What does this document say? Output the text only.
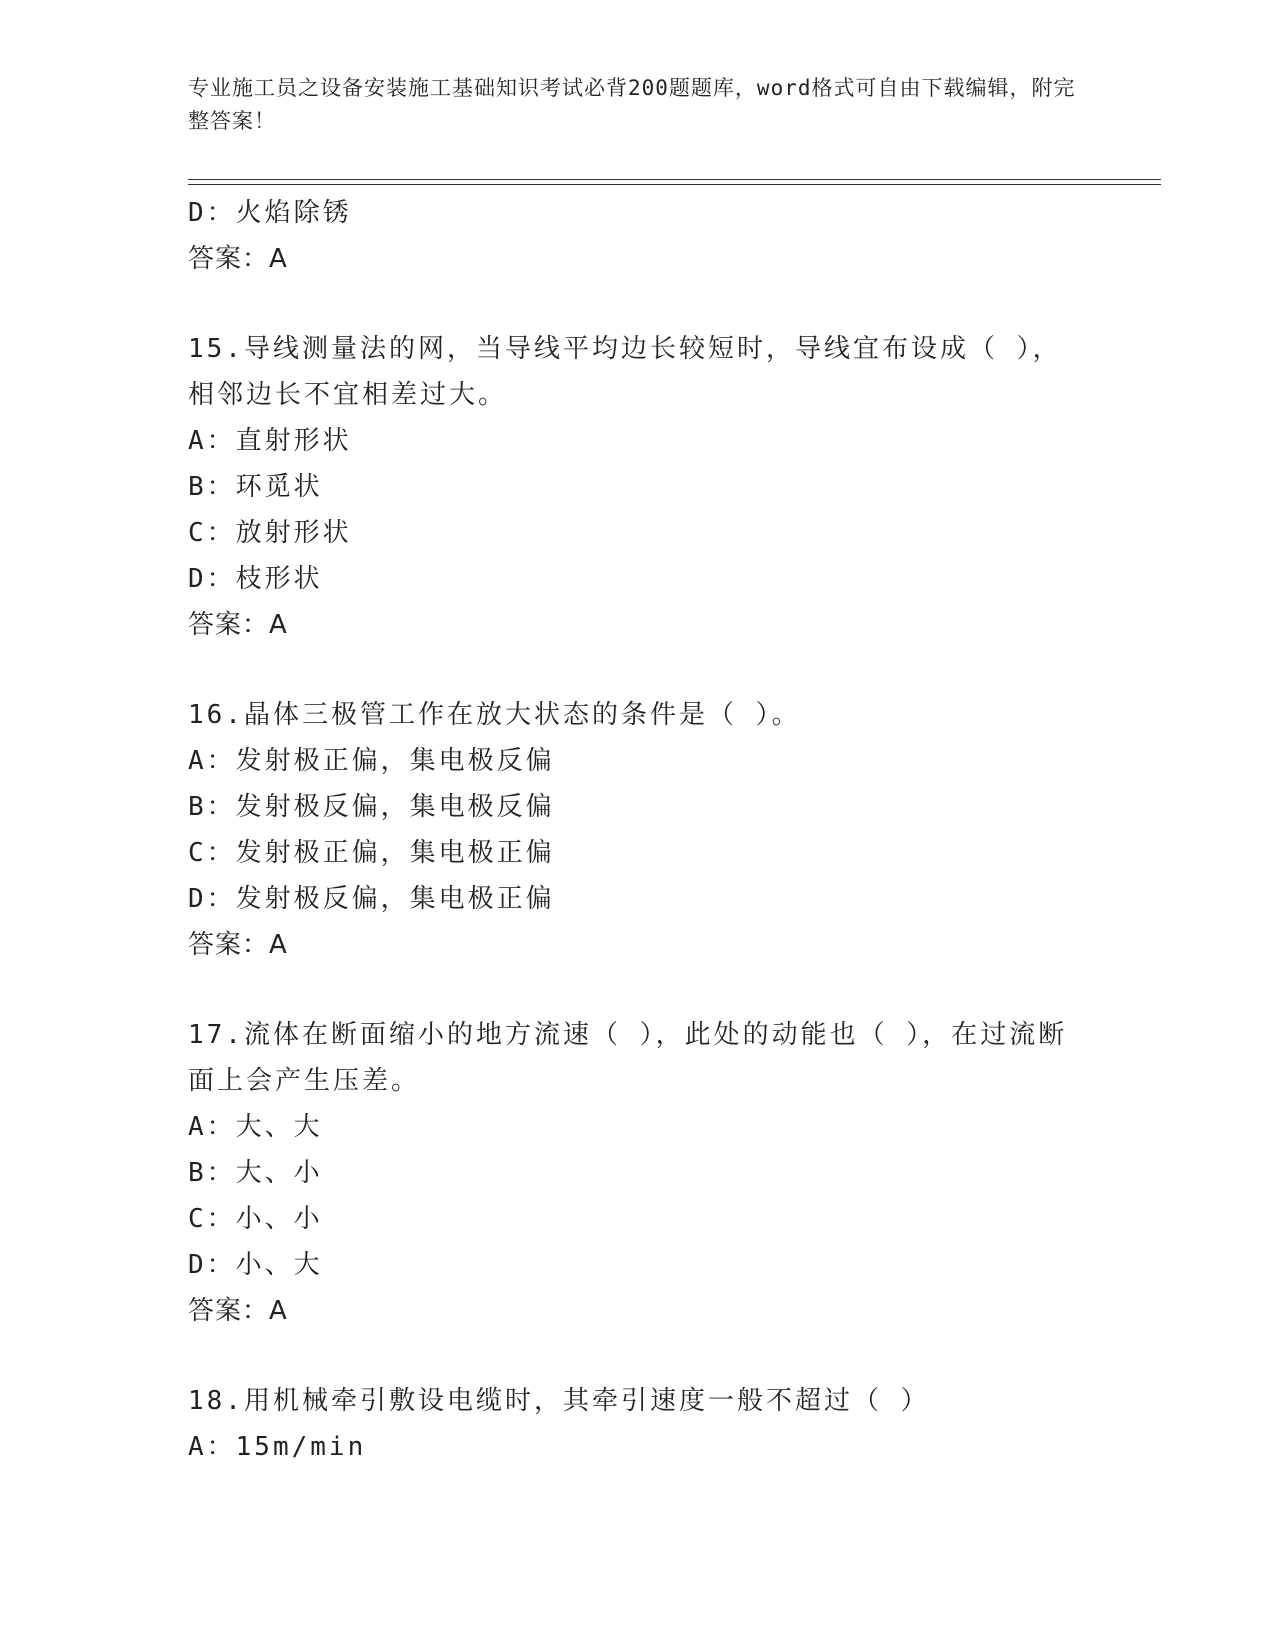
专业施工员之设备安装施工基础知识考试必背200题题库，word格式可自由下载编辑，附完整答案！
D：火焰除锈
答案：A
15.导线测量法的网，当导线平均边长较短时，导线宜布设成（ ），相邻边长不宜相差过大。
A：直射形状
B：环觅状
C：放射形状
D：枝形状
答案：A
16.晶体三极管工作在放大状态的条件是（ ）。
A：发射极正偏，集电极反偏
B：发射极反偏，集电极反偏
C：发射极正偏，集电极正偏
D：发射极反偏，集电极正偏
答案：A
17.流体在断面缩小的地方流速（ ），此处的动能也（ ），在过流断面上会产生压差。
A：大、大
B：大、小
C：小、小
D：小、大
答案：A
18.用机械牵引敷设电缆时，其牵引速度一般不超过（ ）
A：15m/min
